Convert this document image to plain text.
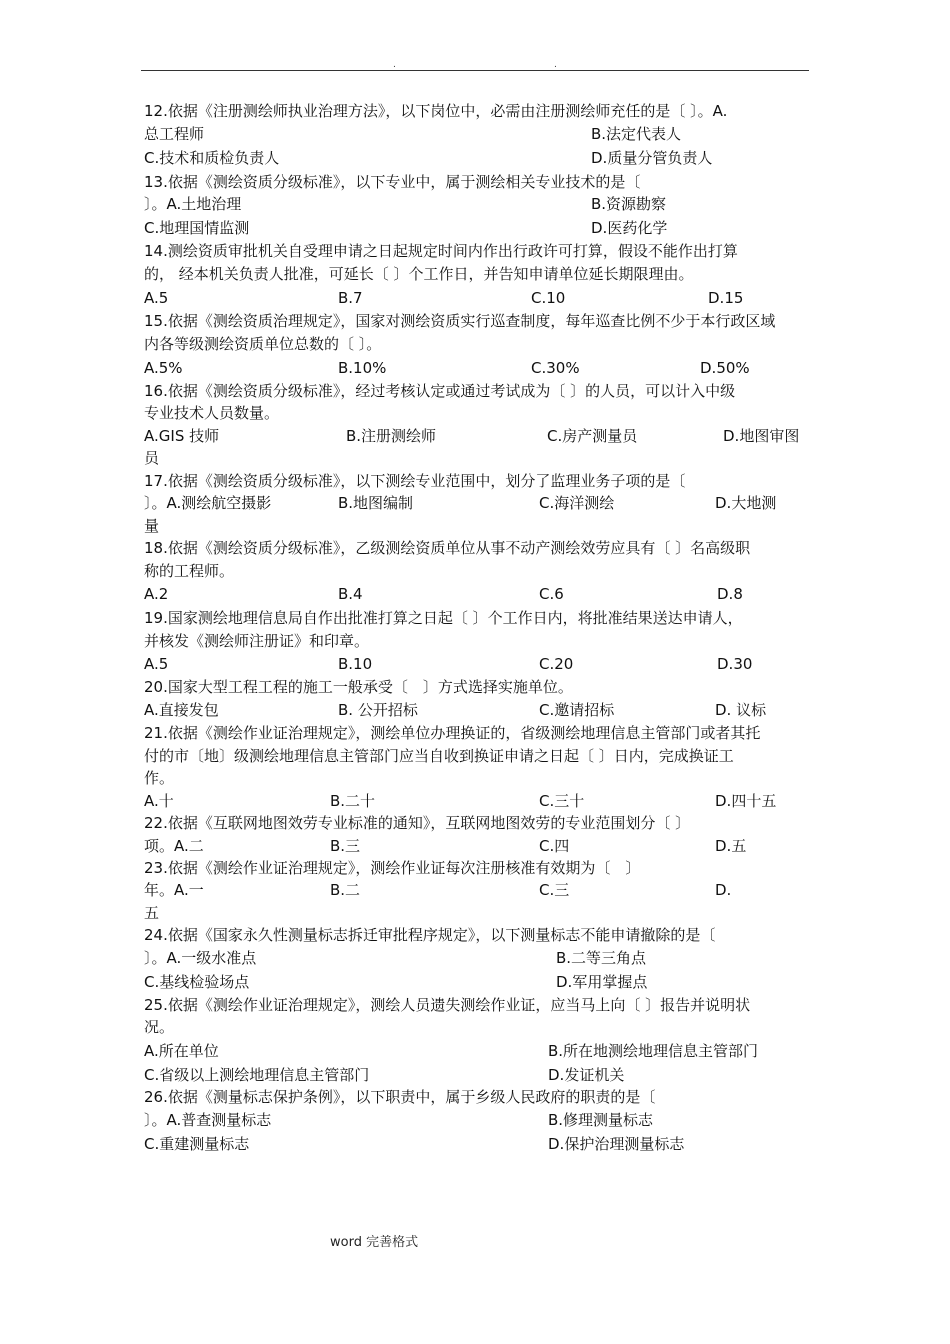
.	.
12.依据《注册测绘师执业治理方法》，以下岗位中，必需由注册测绘师充任的是〔 〕。A.
总工程师	B.法定代表人
C.技术和质检负责人	D.质量分管负责人
13.依据《测绘资质分级标准》，以下专业中，属于测绘相关专业技术的是〔
〕。A.土地治理	B.资源勘察
C.地理国情监测	D.医药化学
14.测绘资质审批机关自受理申请之日起规定时间内作出行政许可打算，假设不能作出打算
的， 经本机关负责人批准，可延长〔 〕个工作日，并告知申请单位延长期限理由。
A.5	B.7	C.10	D.15
15.依据《测绘资质治理规定》，国家对测绘资质实行巡查制度，每年巡查比例不少于本行政区域
内各等级测绘资质单位总数的〔 〕。
A.5%	B.10%	C.30%	D.50%
16.依据《测绘资质分级标准》，经过考核认定或通过考试成为〔 〕的人员，可以计入中级
专业技术人员数量。
A.GIS 技师	B.注册测绘师	C.房产测量员	D.地图审图
员
17.依据《测绘资质分级标准》，以下测绘专业范围中，划分了监理业务子项的是〔
〕。A.测绘航空摄影	B.地图编制	C.海洋测绘	D.大地测
量
18.依据《测绘资质分级标准》，乙级测绘资质单位从事不动产测绘效劳应具有〔 〕名高级职
称的工程师。
A.2	B.4	C.6	D.8
19.国家测绘地理信息局自作出批准打算之日起〔 〕个工作日内，将批准结果送达申请人，
并核发《测绘师注册证》和印章。
A.5	B.10	C.20	D.30
20.国家大型工程工程的施工一般承受〔　〕方式选择实施单位。
A.直接发包	B. 公开招标	C.邀请招标	D. 议标
21.依据《测绘作业证治理规定》，测绘单位办理换证的，省级测绘地理信息主管部门或者其托
付的市〔地〕级测绘地理信息主管部门应当自收到换证申请之日起〔 〕日内，完成换证工
作。
A.十	B.二十	C.三十	D.四十五
22.依据《互联网地图效劳专业标准的通知》，互联网地图效劳的专业范围划分〔 〕
项。A.二	B.三	C.四	D.五
23.依据《测绘作业证治理规定》，测绘作业证每次注册核准有效期为〔　〕
年。A.一	B.二	C.三	D.
五
24.依据《国家永久性测量标志拆迁审批程序规定》，以下测量标志不能申请撤除的是〔
〕。A.一级水准点	B.二等三角点
C.基线检验场点	D.军用掌握点
25.依据《测绘作业证治理规定》，测绘人员遗失测绘作业证，应当马上向〔 〕报告并说明状
况。
A.所在单位	B.所在地测绘地理信息主管部门
C.省级以上测绘地理信息主管部门	D.发证机关
26.依据《测量标志保护条例》，以下职责中，属于乡级人民政府的职责的是〔
〕。A.普查测量标志	B.修理测量标志
C.重建测量标志	D.保护治理测量标志
word 完善格式
